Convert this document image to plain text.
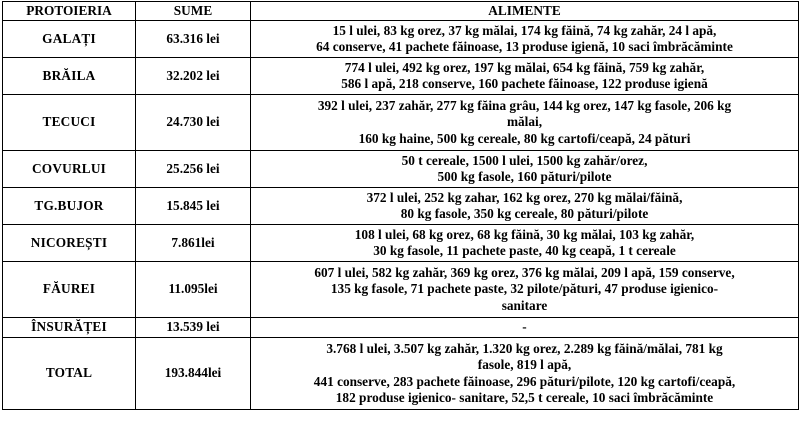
PROTOIERIA	SUME	ALIMENTE
GALAȚI	63.316 lei	15 l ulei, 83 kg orez, 37 kg mălai, 174 kg făină, 74 kg zahăr, 24 l apă,
64 conserve, 41 pachete făinoase, 13 produse igienă, 10 saci îmbrăcăminte

BRĂILA	32.202 lei	774 l ulei, 492 kg orez, 197 kg mălai, 654 kg făină, 759 kg zahăr,
586 l apă, 218 conserve, 160 pachete făinoase, 122 produse igienă

TECUCI	24.730 lei	392 l ulei, 237 zahăr, 277 kg făina grâu, 144 kg orez, 147 kg fasole, 206 kg
mălai,
160 kg haine, 500 kg cereale, 80 kg cartofi/ceapă, 24 pături

COVURLUI	25.256 lei	50 t cereale, 1500 l ulei, 1500 kg zahăr/orez,
500 kg fasole, 160 pături/pilote

TG.BUJOR	15.845 lei	372 l ulei, 252 kg zahar, 162 kg orez, 270 kg mălai/făină,
80 kg fasole, 350 kg cereale, 80 pături/pilote

NICOREȘTI	7.861lei	108 l ulei, 68 kg orez, 68 kg făină, 30 kg mălai, 103 kg zahăr,
30 kg fasole, 11 pachete paste, 40 kg ceapă, 1 t cereale

FĂUREI	11.095lei	607 l ulei, 582 kg zahăr, 369 kg orez, 376 kg mălai, 209 l apă, 159 conserve,
135 kg fasole, 71 pachete paste, 32 pilote/pături, 47 produse igienico-
sanitare

ÎNSURĂȚEI	13.539 lei	-

TOTAL	193.844lei	3.768 l ulei, 3.507 kg zahăr, 1.320 kg orez, 2.289 kg făină/mălai, 781 kg
fasole, 819 l apă,
441 conserve, 283 pachete făinoase, 296 pături/pilote, 120 kg cartofi/ceapă,
182 produse igienico- sanitare, 52,5 t cereale, 10 saci îmbrăcăminte
